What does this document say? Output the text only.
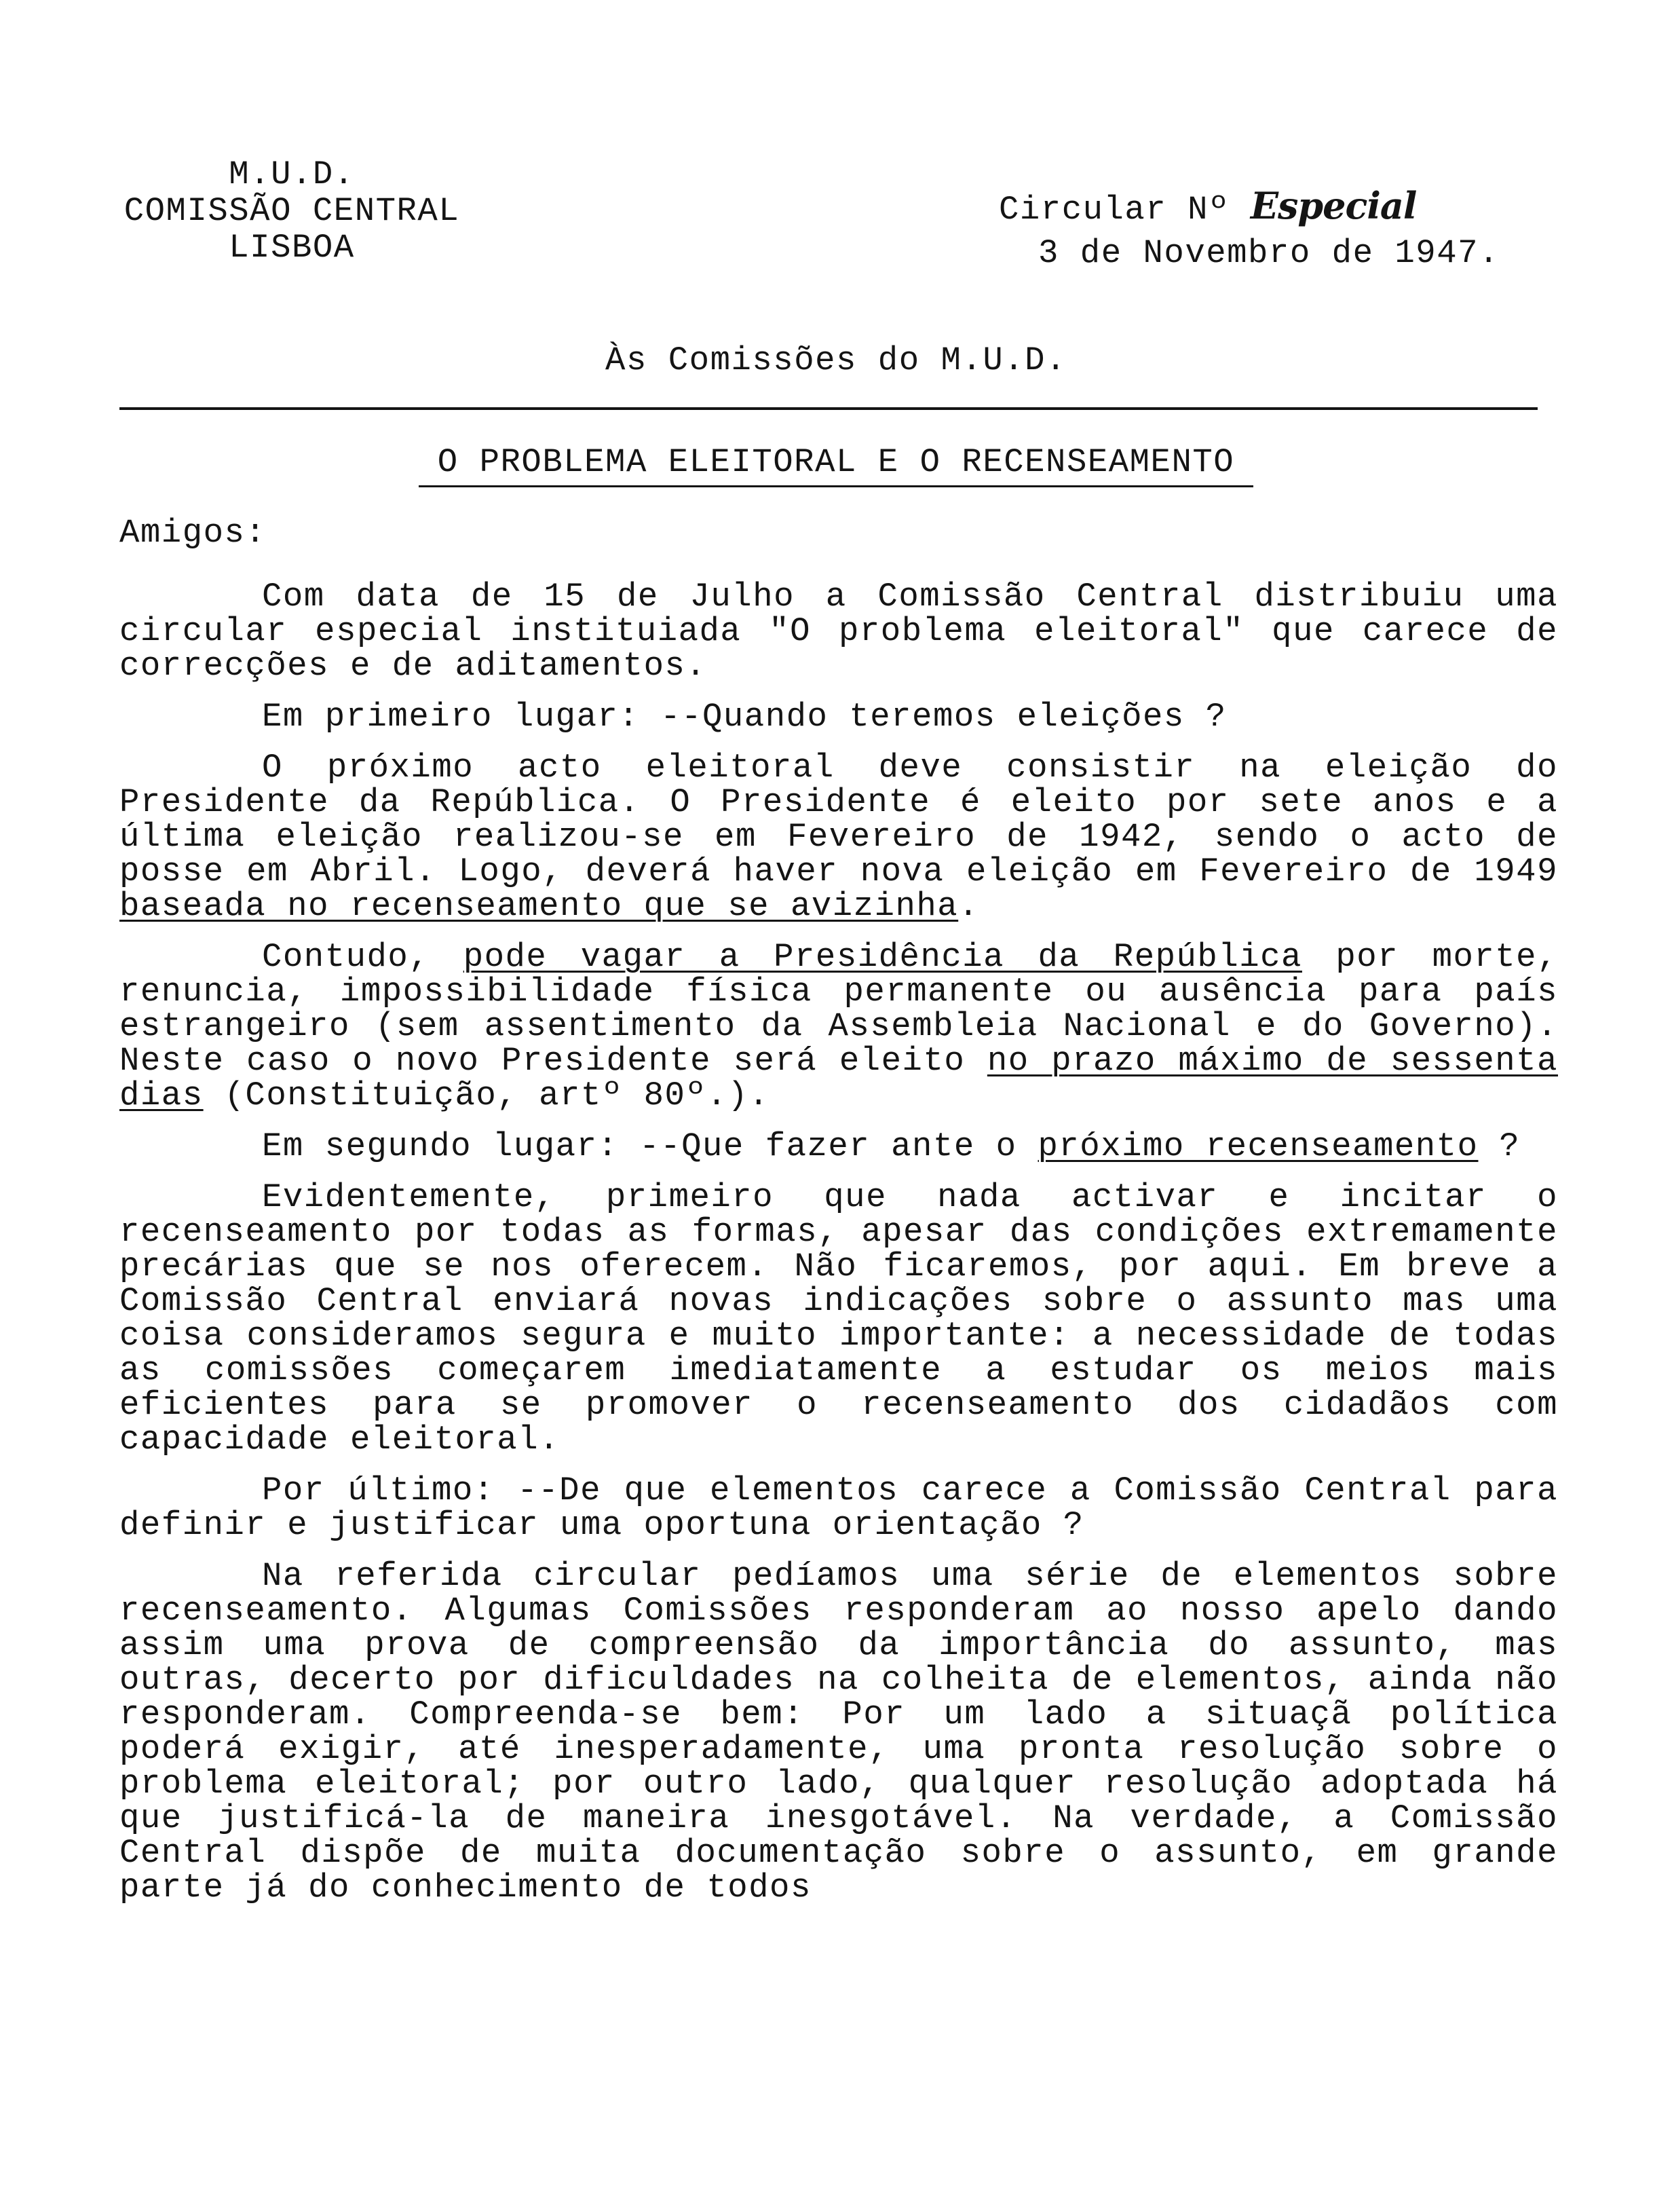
M.U.D.
COMISSÃO CENTRAL
LISBOA
Circular Nº Especial
3 de Novembro de 1947.
Às Comissões do M.U.D.
O PROBLEMA ELEITORAL E O RECENSEAMENTO
Amigos:

Com data de 15 de Julho a Comissão Central distribuiu uma circular especial instituiada "O problema eleitoral" que carece de correcções e de aditamentos.

Em primeiro lugar: --Quando teremos eleições ?

O próximo acto eleitoral deve consistir na eleição do Presidente da República. O Presidente é eleito por sete anos e a última eleição realizou-se em Fevereiro de 1942, sendo o acto de posse em Abril. Logo, deverá haver nova eleição em Fevereiro de 1949 baseada no recenseamento que se avizinha.

Contudo, pode vagar a Presidência da República por morte, renuncia, impossibilidade física permanente ou ausência para país estrangeiro (sem assentimento da Assembleia Nacional e do Governo). Neste caso o novo Presidente será eleito no prazo máximo de sessenta dias (Constituição, artº 80º.).

Em segundo lugar: --Que fazer ante o próximo recenseamento ?

Evidentemente, primeiro que nada activar e incitar o recenseamento por todas as formas, apesar das condições extremamente precárias que se nos oferecem. Não ficaremos, por aqui. Em breve a Comissão Central enviará novas indicações sobre o assunto mas uma coisa consideramos segura e muito importante: a necessidade de todas as comissões começarem imediatamente a estudar os meios mais eficientes para se promover o recenseamento dos cidadãos com capacidade eleitoral.

Por último: --De que elementos carece a Comissão Central para definir e justificar uma oportuna orientação ?

Na referida circular pedíamos uma série de elementos sobre recenseamento. Algumas Comissões responderam ao nosso apelo dando assim uma prova de compreensão da importância do assunto, mas outras, decerto por dificuldades na colheita de elementos, ainda não responderam. Compreenda-se bem: Por um lado a situaçã política poderá exigir, até inesperadamente, uma pronta resolução sobre o problema eleitoral; por outro lado, qualquer resolução adoptada há que justificá-la de maneira inesgotável. Na verdade, a Comissão Central dispõe de muita documentação sobre o assunto, em grande parte já do conhecimento de todos
